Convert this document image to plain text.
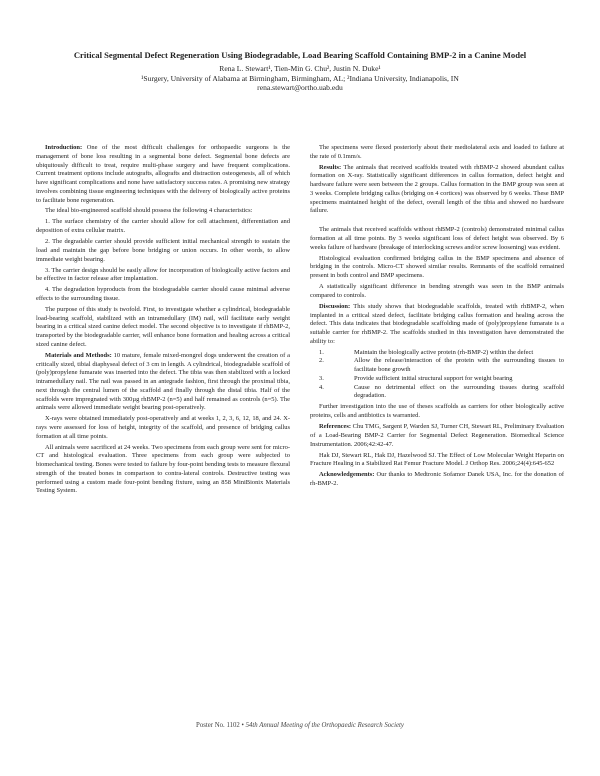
Critical Segmental Defect Regeneration Using Biodegradable, Load Bearing Scaffold Containing BMP-2 in a Canine Model
Rena L. Stewart¹, Tien-Min G. Chu², Justin N. Duke¹
¹Surgery, University of Alabama at Birmingham, Birmingham, AL; ²Indiana University, Indianapolis, IN
rena.stewart@ortho.uab.edu

Introduction: One of the most difficult challenges for orthopaedic surgeons is the management of bone loss resulting in a segmental bone defect. Segmental bone defects are ubiquitously difficult to treat, require multi-phase surgery and have frequent complications. Current treatment options include autografts, allografts and distraction osteogenesis, all of which have significant complications and none have satisfactory success rates. A promising new strategy involves combining tissue engineering techniques with the delivery of biologically active proteins to facilitate bone regeneration.

The ideal bio-engineered scaffold should possess the following 4 characteristics:

1. The surface chemistry of the carrier should allow for cell attachment, differentiation and deposition of extra cellular matrix.

2. The degradable carrier should provide sufficient initial mechanical strength to sustain the load and maintain the gap before bone bridging or union occurs. In other words, to allow immediate weight bearing.

3. The carrier design should be easily allow for incorporation of biologically active factors and be effective in factor release after implantation.

4. The degradation byproducts from the biodegradable carrier should cause minimal adverse effects to the surrounding tissue.

The purpose of this study is twofold. First, to investigate whether a cylindrical, biodegradable load-bearing scaffold, stabilized with an intramedullary (IM) nail, will facilitate early weight bearing in a critical sized canine defect model. The second objective is to investigate if rhBMP-2, transported by the biodegradable carrier, will enhance bone formation and healing across a critical sized canine defect.

Materials and Methods: 10 mature, female mixed-mongrel dogs underwent the creation of a critically sized, tibial diaphyseal defect of 3 cm in length. A cylindrical, biodegradable scaffold of (poly)propylene fumarate was inserted into the defect. The tibia was then stabilized with a locked intramedullary nail. The nail was passed in an antegrade fashion, first through the proximal tibia, next through the central lumen of the scaffold and finally through the distal tibia. Half of the scaffolds were impregnated with 300µg rhBMP-2 (n=5) and half remained as controls (n=5). The animals were allowed immediate weight bearing post-operatively.

X-rays were obtained immediately post-operatively and at weeks 1, 2, 3, 6, 12, 18, and 24. X-rays were assessed for loss of height, integrity of the scaffold, and presence of bridging callus formation at all time points.

All animals were sacrificed at 24 weeks. Two specimens from each group were sent for micro-CT and histological evaluation. Three specimens from each group were subjected to biomechanical testing. Bones were tested to failure by four-point bending tests to measure flexural strength of the treated bones in comparison to contra-lateral controls. Destructive testing was performed using a custom made four-point bending fixture, using an 858 MiniBionix Materials Testing System.

The specimens were flexed posteriorly about their mediolateral axis and loaded to failure at the rate of 0.1mm/s.

Results: The animals that received scaffolds treated with rhBMP-2 showed abundant callus formation on X-ray. Statistically significant differences in callus formation, defect height and hardware failure were seen between the 2 groups. Callus formation in the BMP group was seen at 3 weeks. Complete bridging callus (bridging on 4 cortices) was observed by 6 weeks. These BMP specimens maintained height of the defect, overall length of the tibia and showed no hardware failure.

The animals that received scaffolds without rhBMP-2 (controls) demonstrated minimal callus formation at all time points. By 3 weeks significant loss of defect height was observed. By 6 weeks failure of hardware (breakage of interlocking screws and/or screw loosening) was evident.

Histological evaluation confirmed bridging callus in the BMP specimens and absence of bridging in the controls. Micro-CT showed similar results. Remnants of the scaffold remained present in both control and BMP specimens.

A statistically significant difference in bending strength was seen in the BMP animals compared to controls.

Discussion: This study shows that biodegradable scaffolds, treated with rhBMP-2, when implanted in a critical sized defect, facilitate bridging callus formation and healing across the defect. This data indicates that biodegradable scaffolding made of (poly)propylene fumarate is a suitable carrier for rhBMP-2. The scaffolds studied in this investigation have demonstrated the ability to:

1.	Maintain the biologically active protein (rh-BMP-2) within the defect
2.	Allow the release/interaction of the protein with the surrounding tissues to facilitate bone growth
3.	Provide sufficient initial structural support for weight bearing
4.	Cause no detrimental effect on the surrounding tissues during scaffold degradation.

Further investigation into the use of theses scaffolds as carriers for other biologically active proteins, cells and antibiotics is warranted.

References: Chu TMG, Sargent P, Warden SJ, Turner CH, Stewart RL, Preliminary Evaluation of a Load-Bearing BMP-2 Carrier for Segmental Defect Regeneration. Biomedical Science Instrumentation. 2006;42:42-47.

Hak DJ, Stewart RL, Hak DJ, Hazelwood SJ. The Effect of Low Molecular Weight Heparin on Fracture Healing in a Stabilized Rat Femur Fracture Model. J Orthop Res. 2006;24(4):645-652

Acknowledgements: Our thanks to Medtronic Sofamor Danek USA, Inc. for the donation of rh-BMP-2.

Poster No. 1102 • 54th Annual Meeting of the Orthopaedic Research Society
